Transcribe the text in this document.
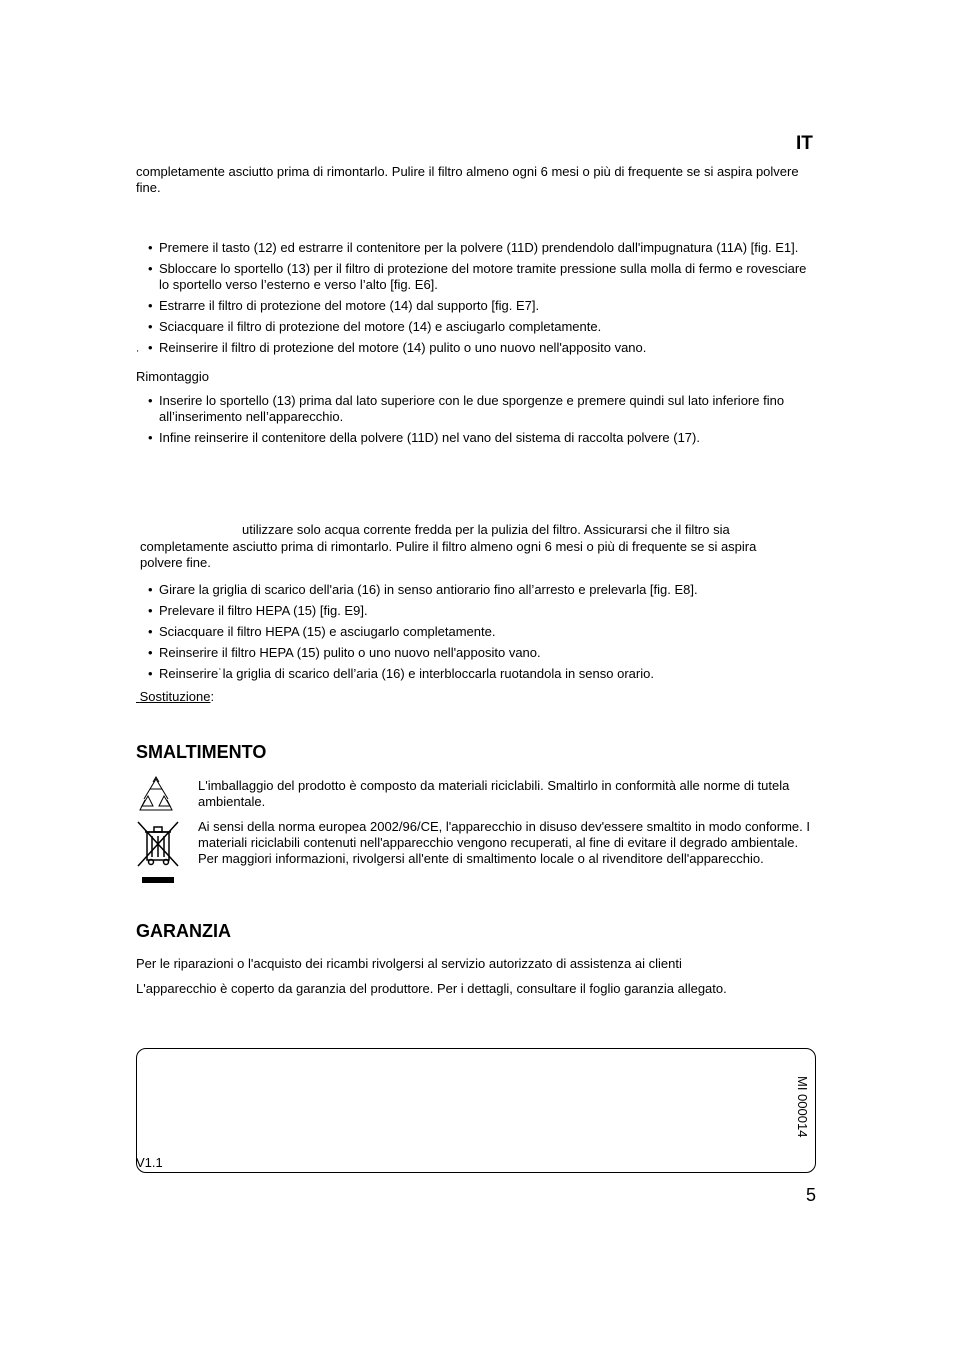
IT
completamente asciutto prima di rimontarlo. Pulire il filtro almeno ogni 6 mesi o più di frequente se si aspira polvere fine.
• Premere il tasto (12) ed estrarre il contenitore per la polvere (11D) prendendolo dall'impugnatura (11A) [fig. E1].
• Sbloccare lo sportello (13) per il filtro di protezione del motore tramite pressione sulla molla di fermo e rovesciare lo sportello verso l’esterno e verso l’alto [fig. E6].
• Estrarre il filtro di protezione del motore (14) dal supporto [fig. E7].
• Sciacquare il filtro di protezione del motore (14) e asciugarlo completamente.
• Reinserire il filtro di protezione del motore (14) pulito o uno nuovo nell'apposito vano.
˙
Rimontaggio
• Inserire lo sportello (13) prima dal lato superiore con le due sporgenze e premere quindi sul lato inferiore fino all’inserimento nell’apparecchio.
• Infine reinserire il contenitore della polvere (11D) nel vano del sistema di raccolta polvere (17).
utilizzare solo acqua corrente fredda per la pulizia del filtro. Assicurarsi che il filtro sia
completamente asciutto prima di rimontarlo. Pulire il filtro almeno ogni 6 mesi o più di frequente se si aspira polvere fine.
• Girare la griglia di scarico dell'aria (16) in senso antiorario fino all’arresto e prelevarla [fig. E8].
• Prelevare il filtro HEPA (15) [fig. E9].
• Sciacquare il filtro HEPA (15) e asciugarlo completamente.
• Reinserire il filtro HEPA (15) pulito o uno nuovo nell'apposito vano.
• Reinserire˙la griglia di scarico dell’aria (16) e interbloccarla ruotandola in senso orario.
Sostituzione:
SMALTIMENTO
L'imballaggio del prodotto è composto da materiali riciclabili. Smaltirlo in conformità alle norme di tutela ambientale.
Ai sensi della norma europea 2002/96/CE, l'apparecchio in disuso dev'essere smaltito in modo conforme. I materiali riciclabili contenuti nell'apparecchio vengono recuperati, al fine di evitare il degrado ambientale. Per maggiori informazioni, rivolgersi all'ente di smaltimento locale o al rivenditore dell'apparecchio.
GARANZIA
Per le riparazioni o l'acquisto dei ricambi rivolgersi al servizio autorizzato di assistenza ai clienti
L'apparecchio è coperto da garanzia del produttore. Per i dettagli, consultare il foglio garanzia allegato.
V1.1
MI 000014
5
